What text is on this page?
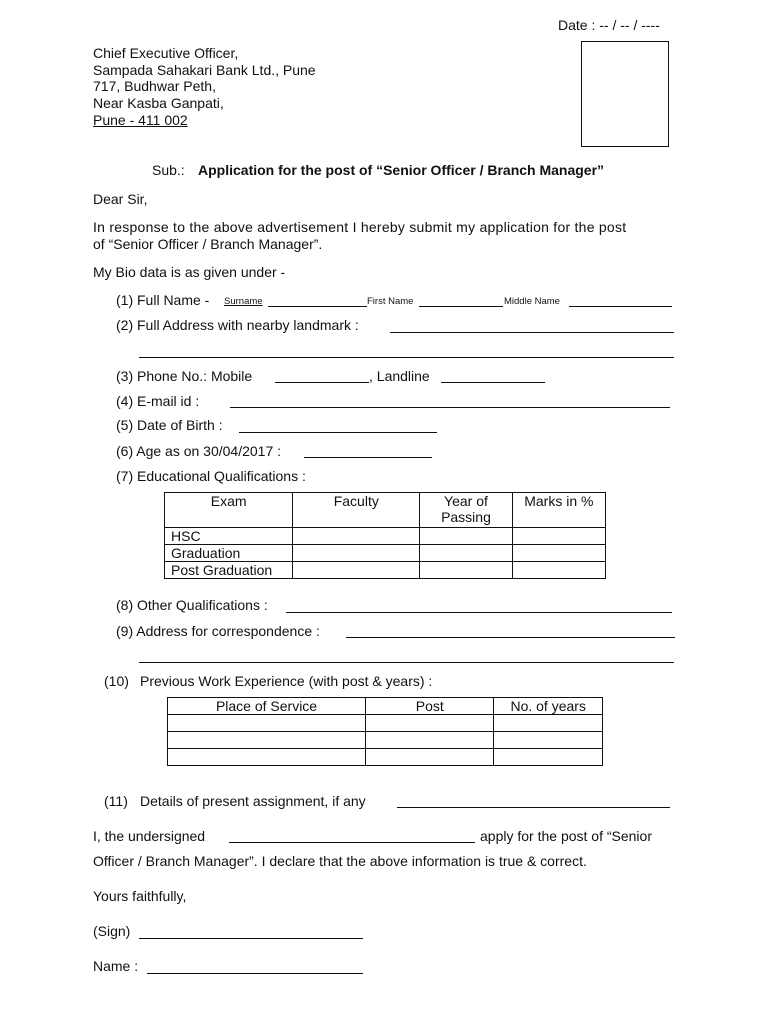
Date : -- / -- / ----
Chief Executive Officer,
Sampada Sahakari Bank Ltd., Pune
717, Budhwar Peth,
Near Kasba Ganpati,
Pune - 411 002
Sub.: Application for the post of “Senior Officer / Branch Manager”
Dear Sir,
In response to the above advertisement I hereby submit my application for the post
of “Senior Officer / Branch Manager”.
My Bio data is as given under -
(1) Full Name - Surname	First Name	Middle Name
(2) Full Address with nearby landmark :
(3) Phone No.: Mobile	, Landline
(4) E-mail id :
(5) Date of Birth :
(6) Age as on 30/04/2017 :
(7) Educational Qualifications :
Exam	Faculty	Year of Passing	Marks in %
HSC			
Graduation			
Post Graduation			
(8) Other Qualifications :
(9) Address for correspondence :
(10) Previous Work Experience (with post & years) :
Place of Service	Post	No. of years

(11) Details of present assignment, if any
I, the undersigned	apply for the post of “Senior
Officer / Branch Manager”. I declare that the above information is true & correct.
Yours faithfully,
(Sign)
Name :
